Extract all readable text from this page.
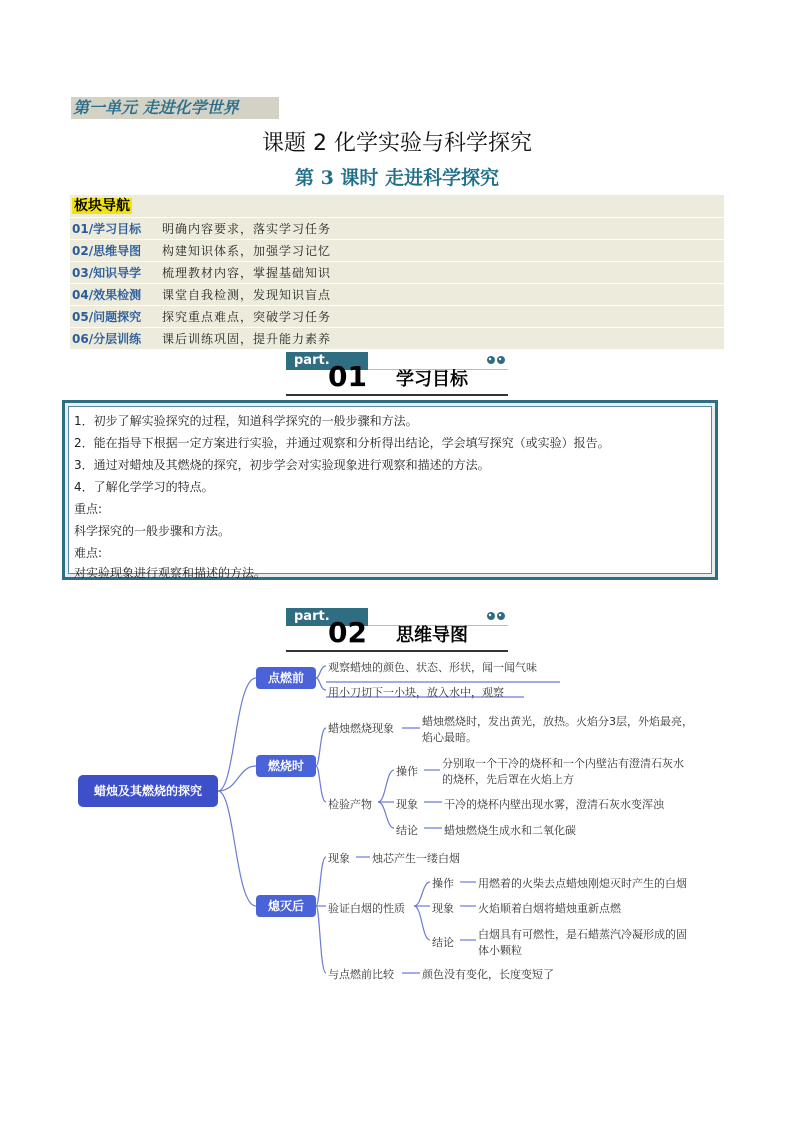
第一单元 走进化学世界
课题 2 化学实验与科学探究
第 3 课时 走进科学探究
板块导航
01/学习目标	明确内容要求，落实学习任务
02/思维导图	构建知识体系，加强学习记忆
03/知识导学	梳理教材内容，掌握基础知识
04/效果检测	课堂自我检测，发现知识盲点
05/问题探究	探究重点难点，突破学习任务
06/分层训练	课后训练巩固，提升能力素养
part.
01 学习目标
1．初步了解实验探究的过程，知道科学探究的一般步骤和方法。
2．能在指导下根据一定方案进行实验，并通过观察和分析得出结论，学会填写探究（或实验）报告。
3．通过对蜡烛及其燃烧的探究，初步学会对实验现象进行观察和描述的方法。
4．了解化学学习的特点。
重点:
科学探究的一般步骤和方法。
难点:
对实验现象进行观察和描述的方法。
part.
02 思维导图
蜡烛及其燃烧的探究
点燃前
燃烧时
熄灭后
观察蜡烛的颜色、状态、形状，闻一闻气味
用小刀切下一小块，放入水中，观察
蜡烛燃烧现象
蜡烛燃烧时，发出黄光，放热。火焰分3层，外焰最亮，
焰心最暗。
检验产物
操作
分别取一个干冷的烧杯和一个内壁沾有澄清石灰水
的烧杯，先后罩在火焰上方
现象 干冷的烧杯内壁出现水雾，澄清石灰水变浑浊
结论 蜡烛燃烧生成水和二氧化碳
现象 烛芯产生一缕白烟
验证白烟的性质
操作 用燃着的火柴去点蜡烛刚熄灭时产生的白烟
现象 火焰顺着白烟将蜡烛重新点燃
结论
白烟具有可燃性，是石蜡蒸汽冷凝形成的固
体小颗粒
与点燃前比较	颜色没有变化，长度变短了
